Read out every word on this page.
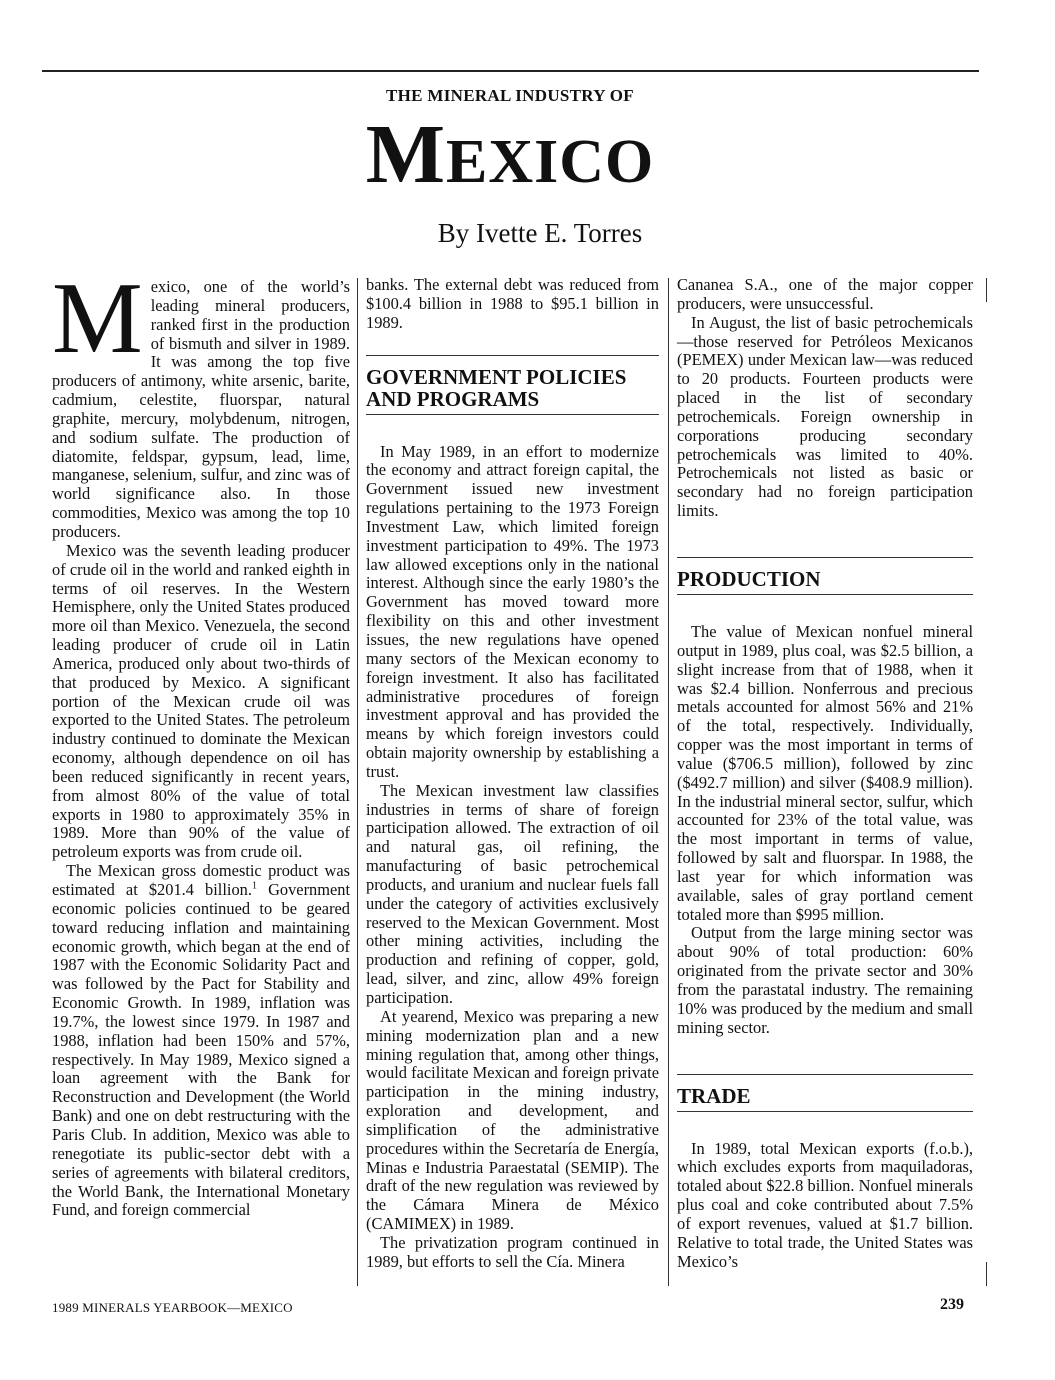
THE MINERAL INDUSTRY OF
MEXICO
By Ivette E. Torres

Mexico, one of the world’s leading mineral producers, ranked first in the production of bismuth and silver in 1989. It was among the top five producers of antimony, white arsenic, barite, cadmium, celestite, fluorspar, natural graphite, mercury, molybdenum, nitrogen, and sodium sulfate. The production of diatomite, feldspar, gypsum, lead, lime, manganese, selenium, sulfur, and zinc was of world significance also. In those commodities, Mexico was among the top 10 producers.

Mexico was the seventh leading producer of crude oil in the world and ranked eighth in terms of oil reserves. In the Western Hemisphere, only the United States produced more oil than Mexico. Venezuela, the second leading producer of crude oil in Latin America, produced only about two-thirds of that produced by Mexico. A significant portion of the Mexican crude oil was exported to the United States. The petroleum industry continued to dominate the Mexican economy, although dependence on oil has been reduced significantly in recent years, from almost 80% of the value of total exports in 1980 to approximately 35% in 1989. More than 90% of the value of petroleum exports was from crude oil.

The Mexican gross domestic product was estimated at $201.4 billion.$^1$ Government economic policies continued to be geared toward reducing inflation and maintaining economic growth, which began at the end of 1987 with the Economic Solidarity Pact and was followed by the Pact for Stability and Economic Growth. In 1989, inflation was 19.7%, the lowest since 1979. In 1987 and 1988, inflation had been 150% and 57%, respectively. In May 1989, Mexico signed a loan agreement with the Bank for Reconstruction and Development (the World Bank) and one on debt restructuring with the Paris Club. In addition, Mexico was able to renegotiate its public-sector debt with a series of agreements with bilateral creditors, the World Bank, the International Monetary Fund, and foreign commercial

banks. The external debt was reduced from $100.4 billion in 1988 to $95.1 billion in 1989.

GOVERNMENT POLICIES AND PROGRAMS

In May 1989, in an effort to modernize the economy and attract foreign capital, the Government issued new investment regulations pertaining to the 1973 Foreign Investment Law, which limited foreign investment participation to 49%. The 1973 law allowed exceptions only in the national interest. Although since the early 1980’s the Government has moved toward more flexibility on this and other investment issues, the new regulations have opened many sectors of the Mexican economy to foreign investment. It also has facilitated administrative procedures of foreign investment approval and has provided the means by which foreign investors could obtain majority ownership by establishing a trust.

The Mexican investment law classifies industries in terms of share of foreign participation allowed. The extraction of oil and natural gas, oil refining, the manufacturing of basic petrochemical products, and uranium and nuclear fuels fall under the category of activities exclusively reserved to the Mexican Government. Most other mining activities, including the production and refining of copper, gold, lead, silver, and zinc, allow 49% foreign participation.

At yearend, Mexico was preparing a new mining modernization plan and a new mining regulation that, among other things, would facilitate Mexican and foreign private participation in the mining industry, exploration and development, and simplification of the administrative procedures within the Secretaría de Energía, Minas e Industria Paraestatal (SEMIP). The draft of the new regulation was reviewed by the Cámara Minera de México (CAMIMEX) in 1989.

The privatization program continued in 1989, but efforts to sell the Cía. Minera

Cananea S.A., one of the major copper producers, were unsuccessful.

In August, the list of basic petrochemicals—those reserved for Petróleos Mexicanos (PEMEX) under Mexican law—was reduced to 20 products. Fourteen products were placed in the list of secondary petrochemicals. Foreign ownership in corporations producing secondary petrochemicals was limited to 40%. Petrochemicals not listed as basic or secondary had no foreign participation limits.

PRODUCTION

The value of Mexican nonfuel mineral output in 1989, plus coal, was $2.5 billion, a slight increase from that of 1988, when it was $2.4 billion. Nonferrous and precious metals accounted for almost 56% and 21% of the total, respectively. Individually, copper was the most important in terms of value ($706.5 million), followed by zinc ($492.7 million) and silver ($408.9 million). In the industrial mineral sector, sulfur, which accounted for 23% of the total value, was the most important in terms of value, followed by salt and fluorspar. In 1988, the last year for which information was available, sales of gray portland cement totaled more than $995 million.

Output from the large mining sector was about 90% of total production: 60% originated from the private sector and 30% from the parastatal industry. The remaining 10% was produced by the medium and small mining sector.

TRADE

In 1989, total Mexican exports (f.o.b.), which excludes exports from maquiladoras, totaled about $22.8 billion. Nonfuel minerals plus coal and coke contributed about 7.5% of export revenues, valued at $1.7 billion. Relative to total trade, the United States was Mexico’s

1989 MINERALS YEARBOOK—MEXICO	239
